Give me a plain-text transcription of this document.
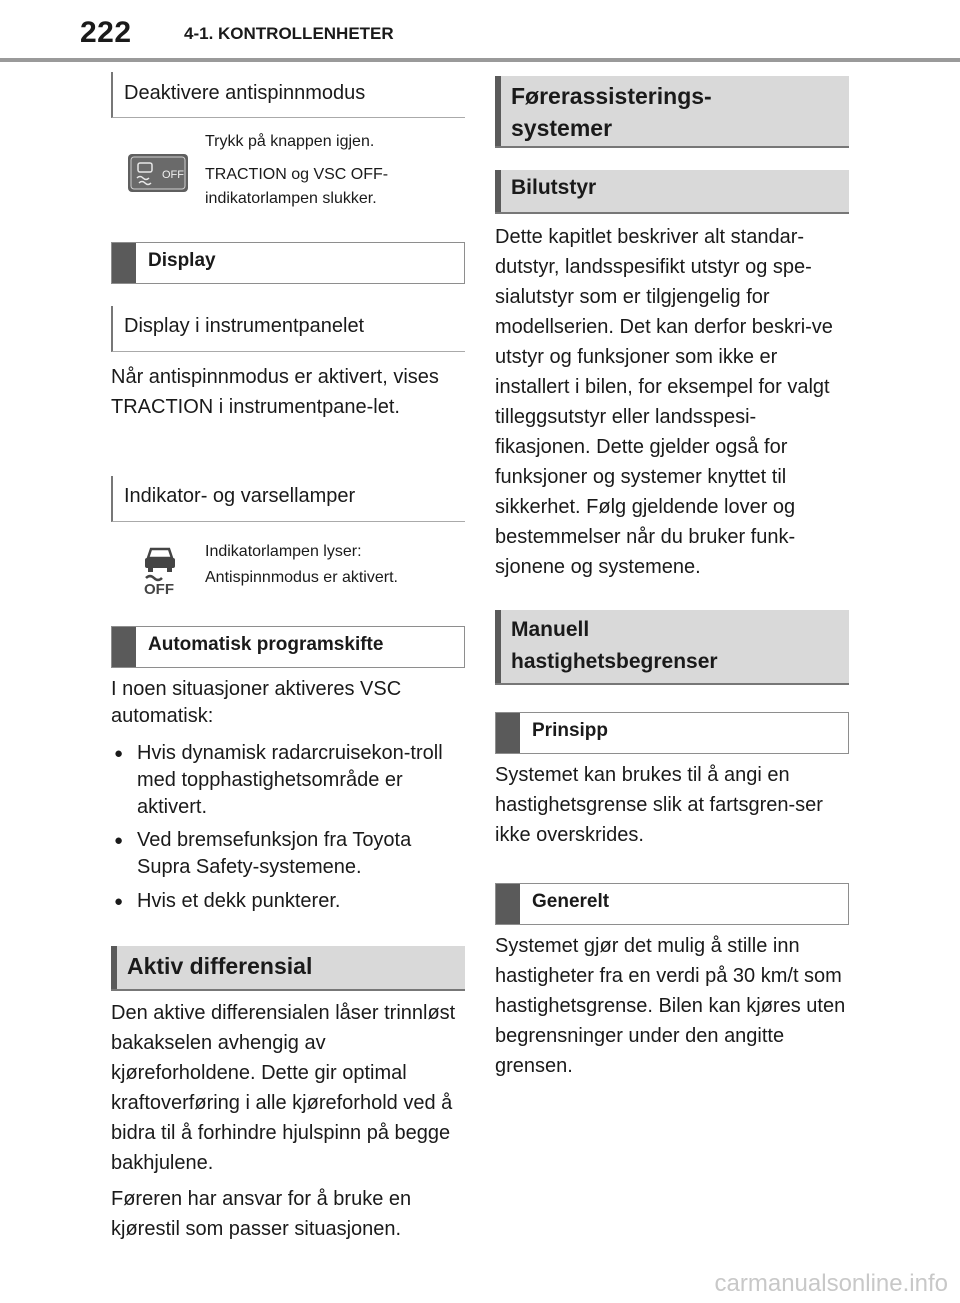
222	4-1. KONTROLLENHETER
Deaktivere antispinnmodus
OFF
Trykk på knappen igjen.
TRACTION og VSC OFF-indikatorlampen slukker.
Display
Display i instrumentpanelet
Når antispinnmodus er aktivert, vises TRACTION i instrumentpane-let.
Indikator- og varsellamper
OFF
Indikatorlampen lyser:
Antispinnmodus er aktivert.
Automatisk programskifte
I noen situasjoner aktiveres VSC automatisk:
● Hvis dynamisk radarcruisekon-troll med topphastighetsområde er aktivert.
● Ved bremsefunksjon fra Toyota Supra Safety-systemene.
● Hvis et dekk punkterer.
Aktiv differensial
Den aktive differensialen låser trinnløst bakakselen avhengig av kjøreforholdene. Dette gir optimal kraftoverføring i alle kjøreforhold ved å bidra til å forhindre hjulspinn på begge bakhjulene.
Føreren har ansvar for å bruke en kjørestil som passer situasjonen.
Førerassisterings-
systemer
Bilutstyr
Dette kapitlet beskriver alt standar-dutstyr, landsspesifikt utstyr og spe-sialutstyr som er tilgjengelig for modellserien. Det kan derfor beskri-ve utstyr og funksjoner som ikke er installert i bilen, for eksempel for valgt tilleggsutstyr eller landsspesi-fikasjonen. Dette gjelder også for funksjoner og systemer knyttet til sikkerhet. Følg gjeldende lover og bestemmelser når du bruker funk-sjonene og systemene.
Manuell
hastighetsbegrenser
Prinsipp
Systemet kan brukes til å angi en hastighetsgrense slik at fartsgren-ser ikke overskrides.
Generelt
Systemet gjør det mulig å stille inn hastigheter fra en verdi på 30 km/t som hastighetsgrense. Bilen kan kjøres uten begrensninger under den angitte grensen.
carmanualsonline.info
